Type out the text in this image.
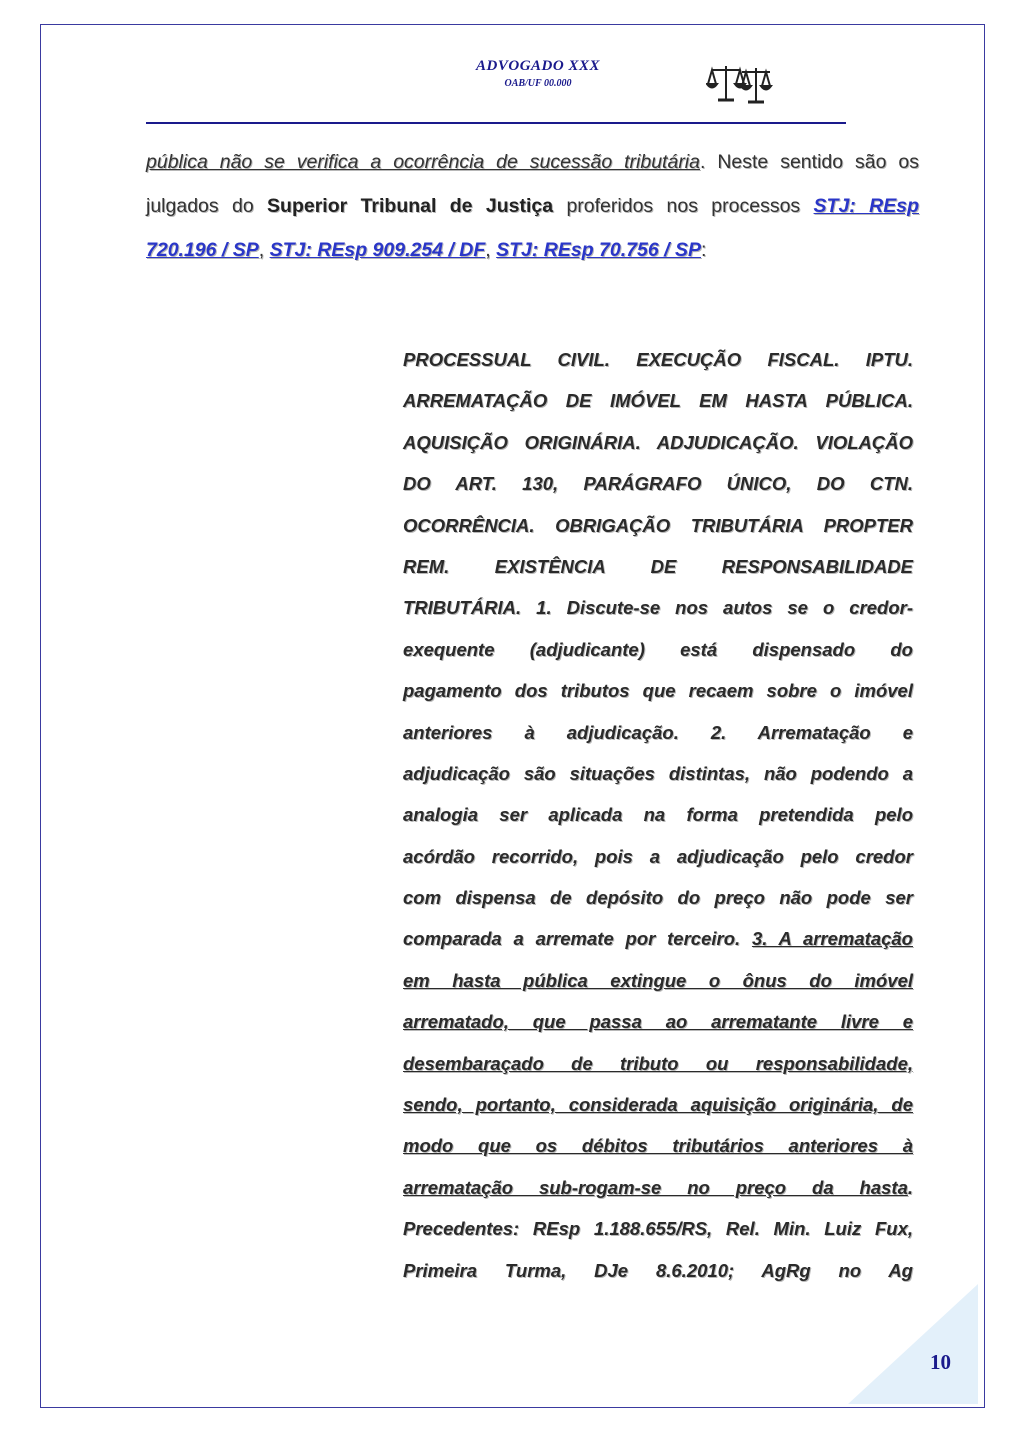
ADVOGADO XXX
OAB/UF 00.000
pública não se verifica a ocorrência de sucessão tributária. Neste sentido são os
julgados do Superior Tribunal de Justiça proferidos nos processos STJ: REsp
720.196 / SP, STJ: REsp 909.254 / DF, STJ: REsp 70.756 / SP:
PROCESSUAL CIVIL. EXECUÇÃO FISCAL. IPTU.
ARREMATAÇÃO DE IMÓVEL EM HASTA PÚBLICA.
AQUISIÇÃO ORIGINÁRIA. ADJUDICAÇÃO. VIOLAÇÃO
DO ART. 130, PARÁGRAFO ÚNICO, DO CTN.
OCORRÊNCIA. OBRIGAÇÃO TRIBUTÁRIA PROPTER
REM. EXISTÊNCIA DE RESPONSABILIDADE
TRIBUTÁRIA. 1. Discute-se nos autos se o credor-
exequente (adjudicante) está dispensado do
pagamento dos tributos que recaem sobre o imóvel
anteriores à adjudicação. 2. Arrematação e
adjudicação são situações distintas, não podendo a
analogia ser aplicada na forma pretendida pelo
acórdão recorrido, pois a adjudicação pelo credor
com dispensa de depósito do preço não pode ser
comparada a arremate por terceiro. 3. A arrematação
em hasta pública extingue o ônus do imóvel
arrematado, que passa ao arrematante livre e
desembaraçado de tributo ou responsabilidade,
sendo, portanto, considerada aquisição originária, de
modo que os débitos tributários anteriores à
arrematação sub-rogam-se no preço da hasta.
Precedentes: REsp 1.188.655/RS, Rel. Min. Luiz Fux,
Primeira Turma, DJe 8.6.2010; AgRg no Ag
10
